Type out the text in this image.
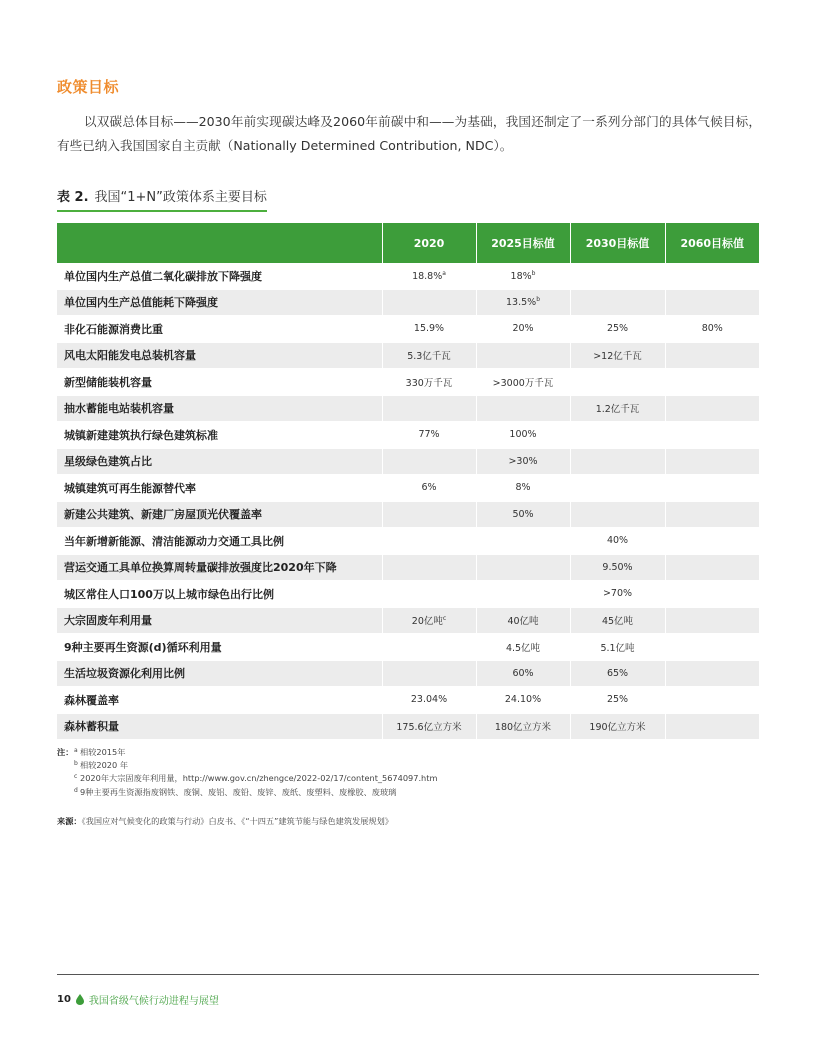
政策目标

以双碳总体目标——2030年前实现碳达峰及2060年前碳中和——为基础，我国还制定了一系列分部门的具体气候目标，有些已纳入我国国家自主贡献（Nationally Determined Contribution, NDC）。

表 2. 我国“1+N”政策体系主要目标
	2020	2025目标值	2030目标值	2060目标值
单位国内生产总值二氧化碳排放下降强度	18.8%$^a$	18%$^b$		
单位国内生产总值能耗下降强度		13.5%$^b$		
非化石能源消费比重	15.9%	20%	25%	80%
风电太阳能发电总装机容量	5.3亿千瓦		>12亿千瓦	
新型储能装机容量	330万千瓦	>3000万千瓦		
抽水蓄能电站装机容量			1.2亿千瓦	
城镇新建建筑执行绿色建筑标准	77%	100%		
星级绿色建筑占比		>30%		
城镇建筑可再生能源替代率	6%	8%		
新建公共建筑、新建厂房屋顶光伏覆盖率		50%		
当年新增新能源、清洁能源动力交通工具比例			40%	
营运交通工具单位换算周转量碳排放强度比2020年下降			9.50%	
城区常住人口100万以上城市绿色出行比例			>70%	
大宗固废年利用量	20亿吨$^c$	40亿吨	45亿吨	
9种主要再生资源(d)循环利用量		4.5亿吨	5.1亿吨	
生活垃圾资源化利用比例		60%	65%	
森林覆盖率	23.04%	24.10%	25%	
森林蓄积量	175.6亿立方米	180亿立方米	190亿立方米	
注： a 相较2015年
b 相较2020 年
c 2020年大宗固废年利用量，http://www.gov.cn/zhengce/2022-02/17/content_5674097.htm
d 9种主要再生资源指废钢铁、废铜、废铝、废铅、废锌、废纸、废塑料、废橡胶、废玻璃
来源：《我国应对气候变化的政策与行动》白皮书、《“十四五”建筑节能与绿色建筑发展规划》
10 我国省级气候行动进程与展望
